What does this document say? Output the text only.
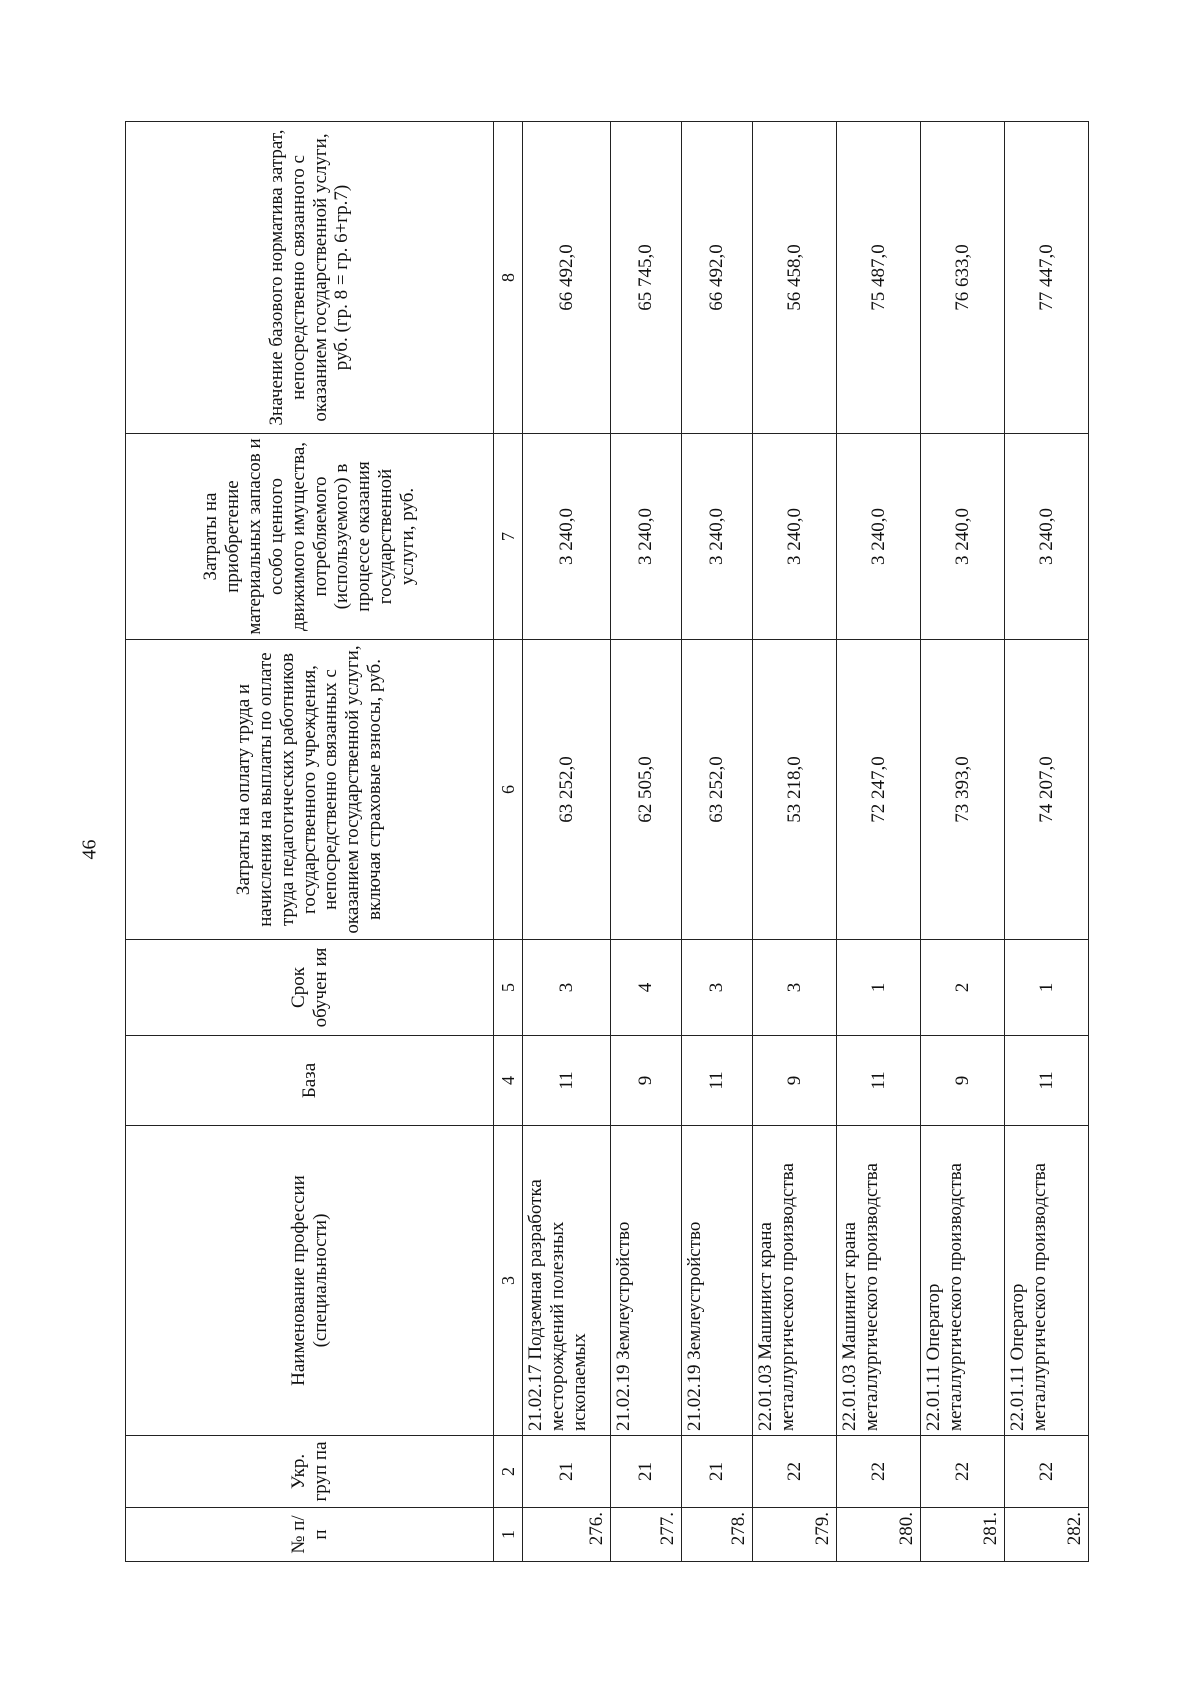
46
№ п/п	Укр. груп па	Наименование профессии (специальности)	База	Срок обучен ия	Затраты на оплату труда и начисления на выплаты по оплате труда педагогических работников государственного учреждения, непосредственно связанных с оказанием государственной услуги, включая страховые взносы, руб.	Затраты на приобретение материальных запасов и особо ценного движимого имущества, потребляемого (используемого) в процессе оказания государственной услуги, руб.	Значение базового норматива затрат, непосредственно связанного с оказанием государственной услуги, руб. (гр. 8 = гр. 6+гр.7)
1	2	3	4	5	6	7	8
276.	21	21.02.17 Подземная разработка месторождений полезных ископаемых	11	3	63 252,0	3 240,0	66 492,0
277.	21	21.02.19 Землеустройство	9	4	62 505,0	3 240,0	65 745,0
278.	21	21.02.19 Землеустройство	11	3	63 252,0	3 240,0	66 492,0
279.	22	22.01.03 Машинист крана металлургического производства	9	3	53 218,0	3 240,0	56 458,0
280.	22	22.01.03 Машинист крана металлургического производства	11	1	72 247,0	3 240,0	75 487,0
281.	22	22.01.11 Оператор металлургического производства	9	2	73 393,0	3 240,0	76 633,0
282.	22	22.01.11 Оператор металлургического производства	11	1	74 207,0	3 240,0	77 447,0
